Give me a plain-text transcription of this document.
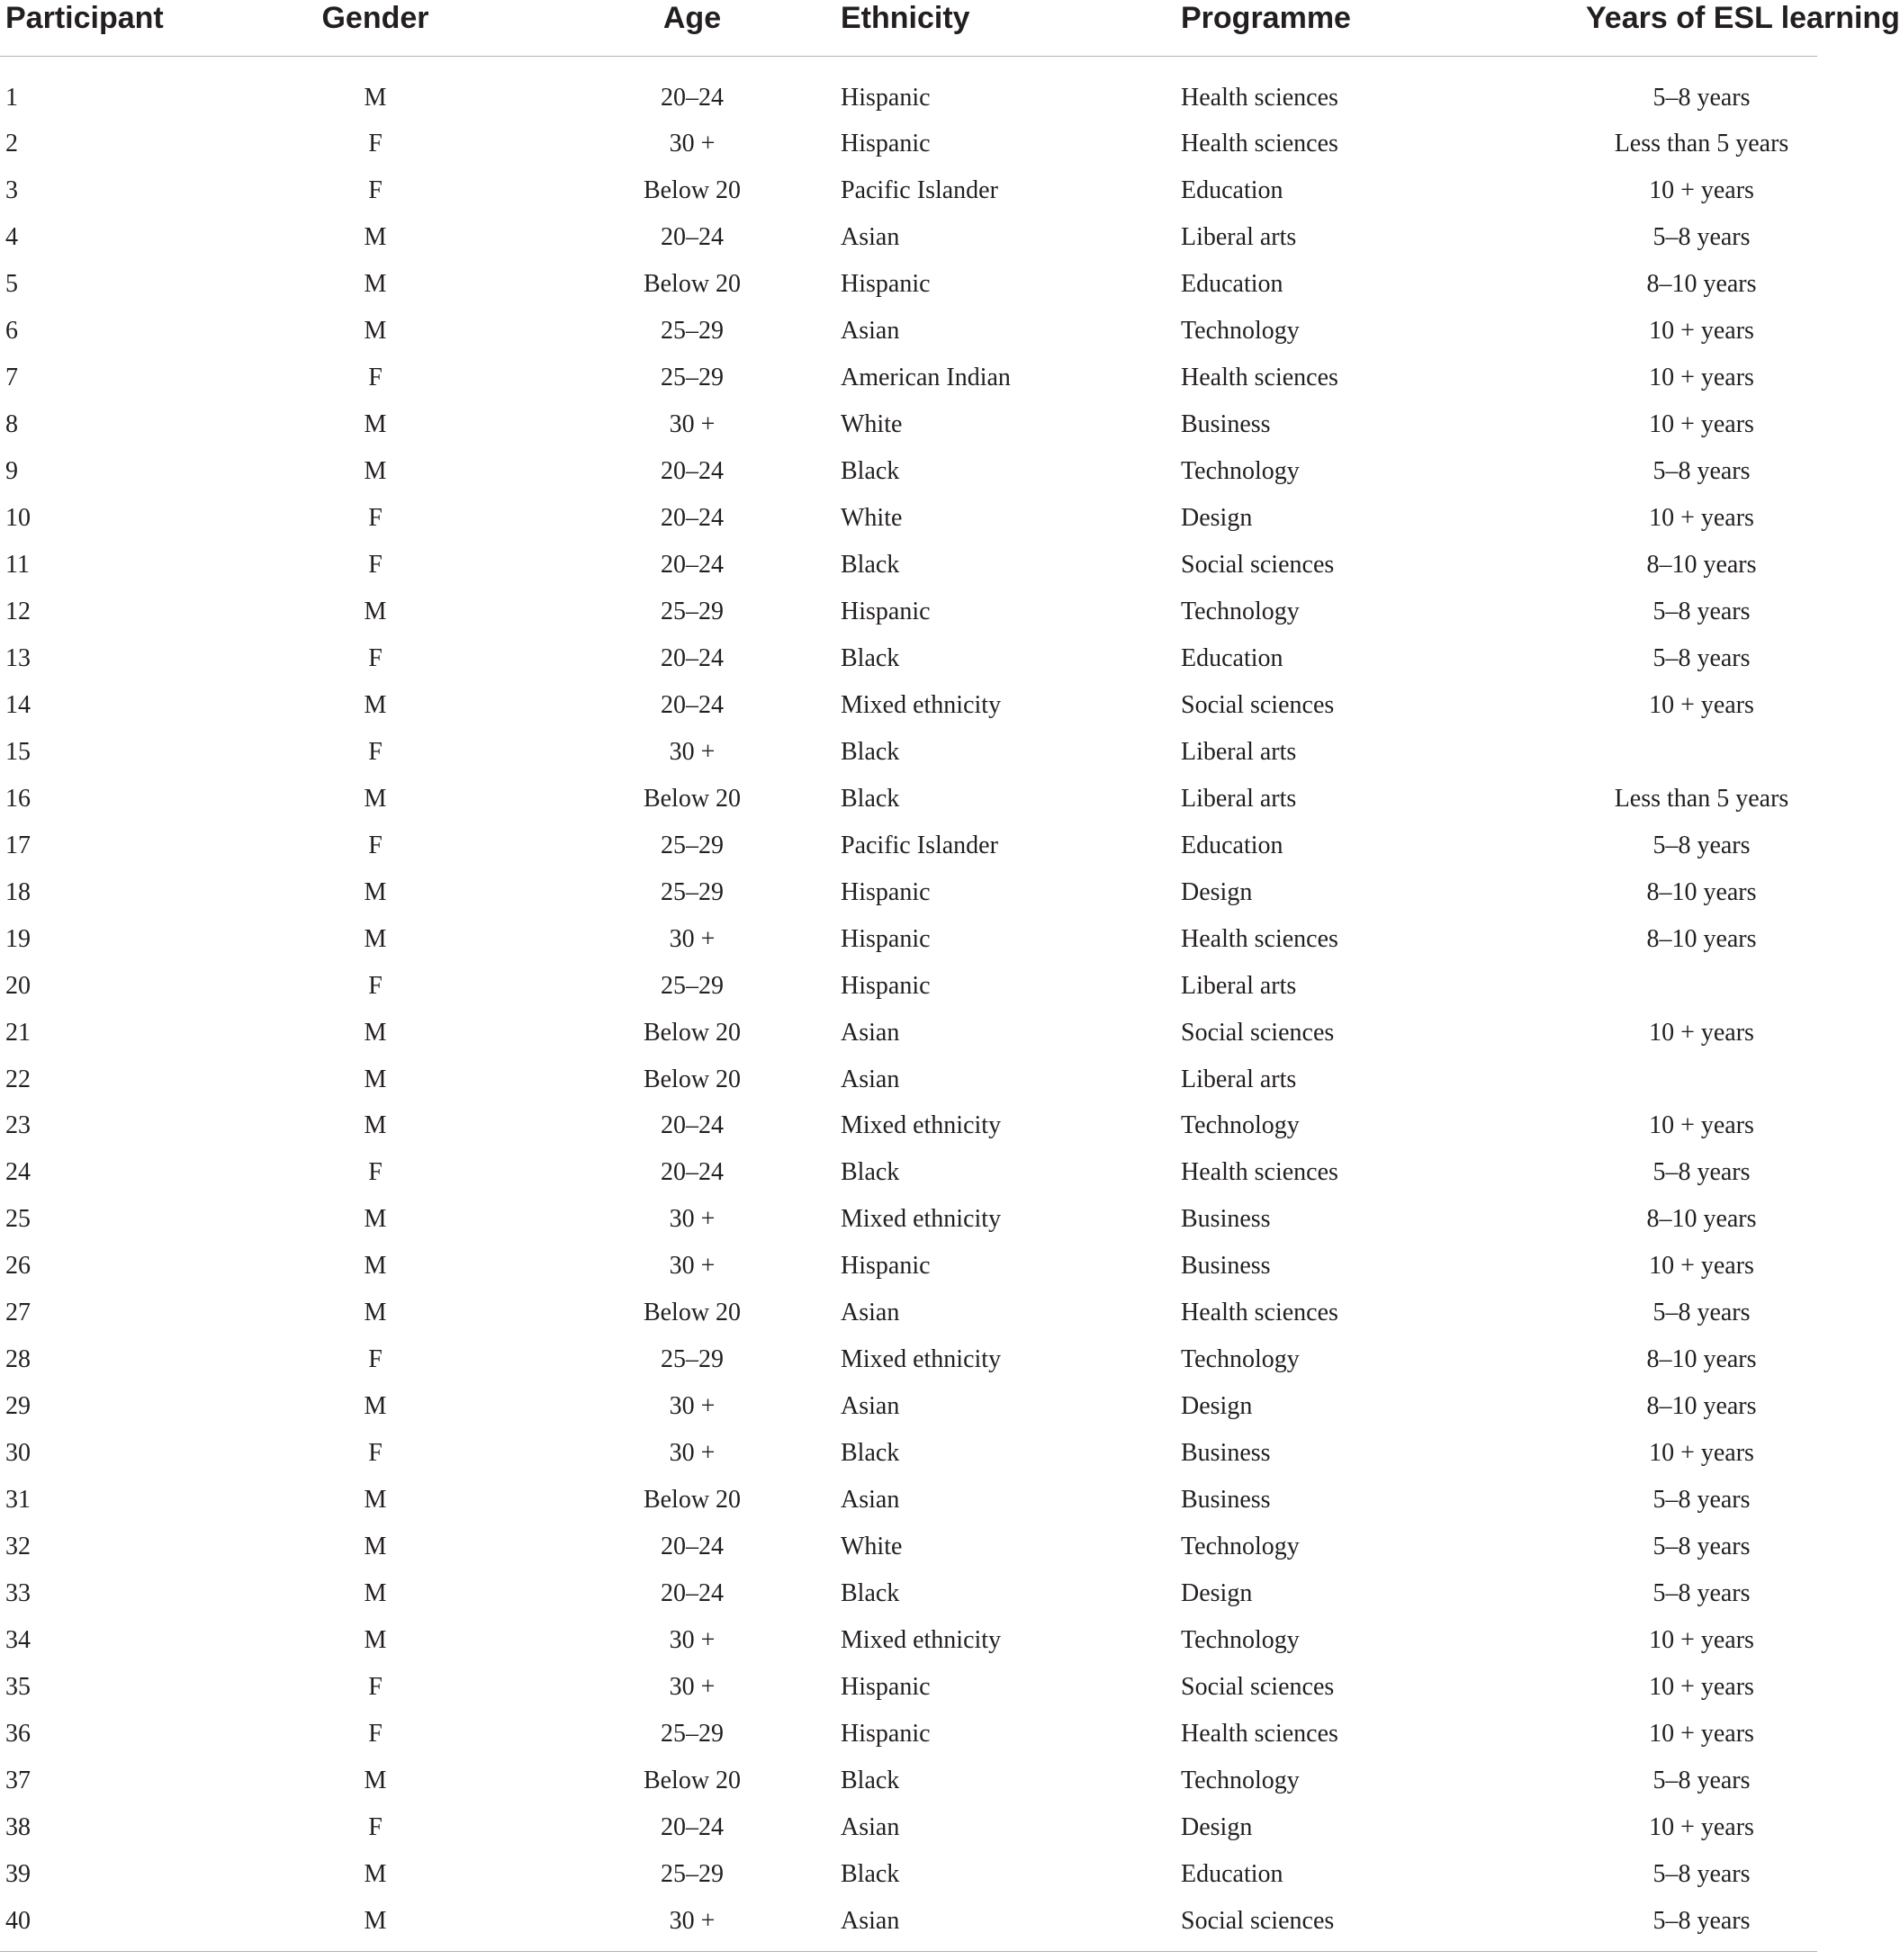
Participant	Gender	Age	Ethnicity	Programme	Years of ESL learning

1	M	20–24	Hispanic	Health sciences	5–8 years
2	F	30 +	Hispanic	Health sciences	Less than 5 years
3	F	Below 20	Pacific Islander	Education	10 + years
4	M	20–24	Asian	Liberal arts	5–8 years
5	M	Below 20	Hispanic	Education	8–10 years
6	M	25–29	Asian	Technology	10 + years
7	F	25–29	American Indian	Health sciences	10 + years
8	M	30 +	White	Business	10 + years
9	M	20–24	Black	Technology	5–8 years
10	F	20–24	White	Design	10 + years
11	F	20–24	Black	Social sciences	8–10 years
12	M	25–29	Hispanic	Technology	5–8 years
13	F	20–24	Black	Education	5–8 years
14	M	20–24	Mixed ethnicity	Social sciences	10 + years
15	F	30 +	Black	Liberal arts	
16	M	Below 20	Black	Liberal arts	Less than 5 years
17	F	25–29	Pacific Islander	Education	5–8 years
18	M	25–29	Hispanic	Design	8–10 years
19	M	30 +	Hispanic	Health sciences	8–10 years
20	F	25–29	Hispanic	Liberal arts	
21	M	Below 20	Asian	Social sciences	10 + years
22	M	Below 20	Asian	Liberal arts	
23	M	20–24	Mixed ethnicity	Technology	10 + years
24	F	20–24	Black	Health sciences	5–8 years
25	M	30 +	Mixed ethnicity	Business	8–10 years
26	M	30 +	Hispanic	Business	10 + years
27	M	Below 20	Asian	Health sciences	5–8 years
28	F	25–29	Mixed ethnicity	Technology	8–10 years
29	M	30 +	Asian	Design	8–10 years
30	F	30 +	Black	Business	10 + years
31	M	Below 20	Asian	Business	5–8 years
32	M	20–24	White	Technology	5–8 years
33	M	20–24	Black	Design	5–8 years
34	M	30 +	Mixed ethnicity	Technology	10 + years
35	F	30 +	Hispanic	Social sciences	10 + years
36	F	25–29	Hispanic	Health sciences	10 + years
37	M	Below 20	Black	Technology	5–8 years
38	F	20–24	Asian	Design	10 + years
39	M	25–29	Black	Education	5–8 years
40	M	30 +	Asian	Social sciences	5–8 years
